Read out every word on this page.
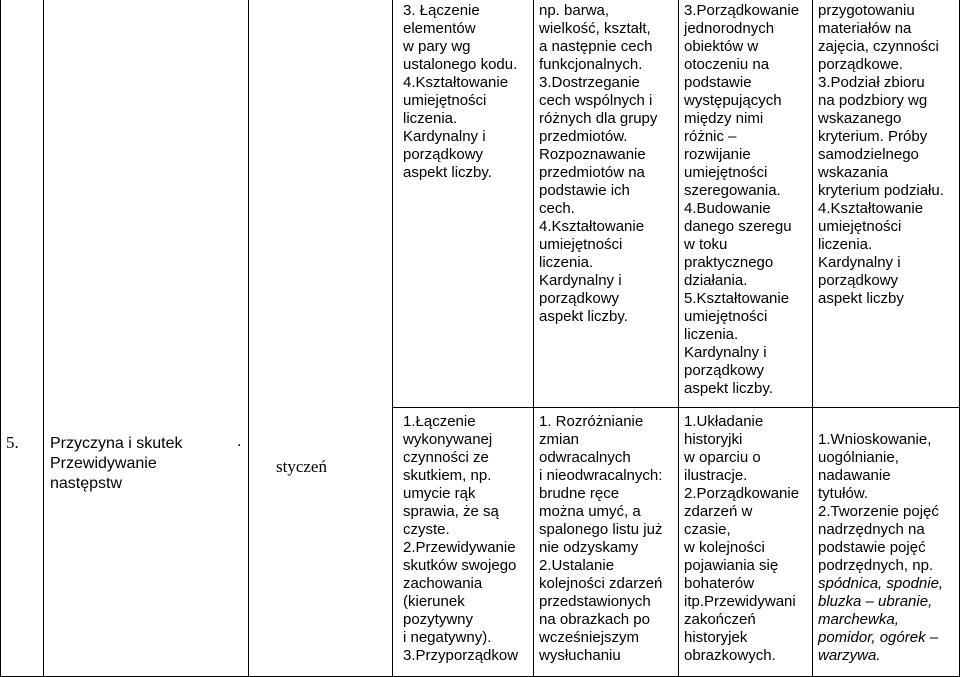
5. Przyczyna i skutek	.
Przewidywanie
następstw
styczeń
3. Łączenie
elementów
w pary wg
ustalonego kodu.
4.Kształtowanie
umiejętności
liczenia.
Kardynalny i
porządkowy
aspekt liczby.
1.Łączenie
wykonywanej
czynności ze
skutkiem, np.
umycie rąk
sprawia, że są
czyste.
2.Przewidywanie
skutków swojego
zachowania
(kierunek
pozytywny
i negatywny).
3.Przyporządkow
np. barwa,
wielkość, kształt,
a następnie cech
funkcjonalnych.
3.Dostrzeganie
cech wspólnych i
różnych dla grupy
przedmiotów.
Rozpoznawanie
przedmiotów na
podstawie ich
cech.
4.Kształtowanie
umiejętności
liczenia.
Kardynalny i
porządkowy
aspekt liczby.
1. Rozróżnianie
zmian
odwracalnych
i nieodwracalnych:
brudne ręce
można umyć, a
spalonego listu już
nie odzyskamy
2.Ustalanie
kolejności zdarzeń
przedstawionych
na obrazkach po
wcześniejszym
wysłuchaniu
3.Porządkowanie
jednorodnych
obiektów w
otoczeniu na
podstawie
występujących
między nimi
różnic –
rozwijanie
umiejętności
szeregowania.
4.Budowanie
danego szeregu
w toku
praktycznego
działania.
5.Kształtowanie
umiejętności
liczenia.
Kardynalny i
porządkowy
aspekt liczby.
1.Układanie
historyjki
w oparciu o
ilustracje.
2.Porządkowanie
zdarzeń w
czasie,
w kolejności
pojawiania się
bohaterów
itp.Przewidywani
zakończeń
historyjek
obrazkowych.
przygotowaniu
materiałów na
zajęcia, czynności
porządkowe.
3.Podział zbioru
na podzbiory wg
wskazanego
kryterium. Próby
samodzielnego
wskazania
kryterium podziału.
4.Kształtowanie
umiejętności
liczenia.
Kardynalny i
porządkowy
aspekt liczby
1.Wnioskowanie,
uogólnianie,
nadawanie
tytułów.
2.Tworzenie pojęć
nadrzędnych na
podstawie pojęć
podrzędnych, np.
spódnica, spodnie,
bluzka – ubranie,
marchewka,
pomidor, ogórek –
warzywa.
